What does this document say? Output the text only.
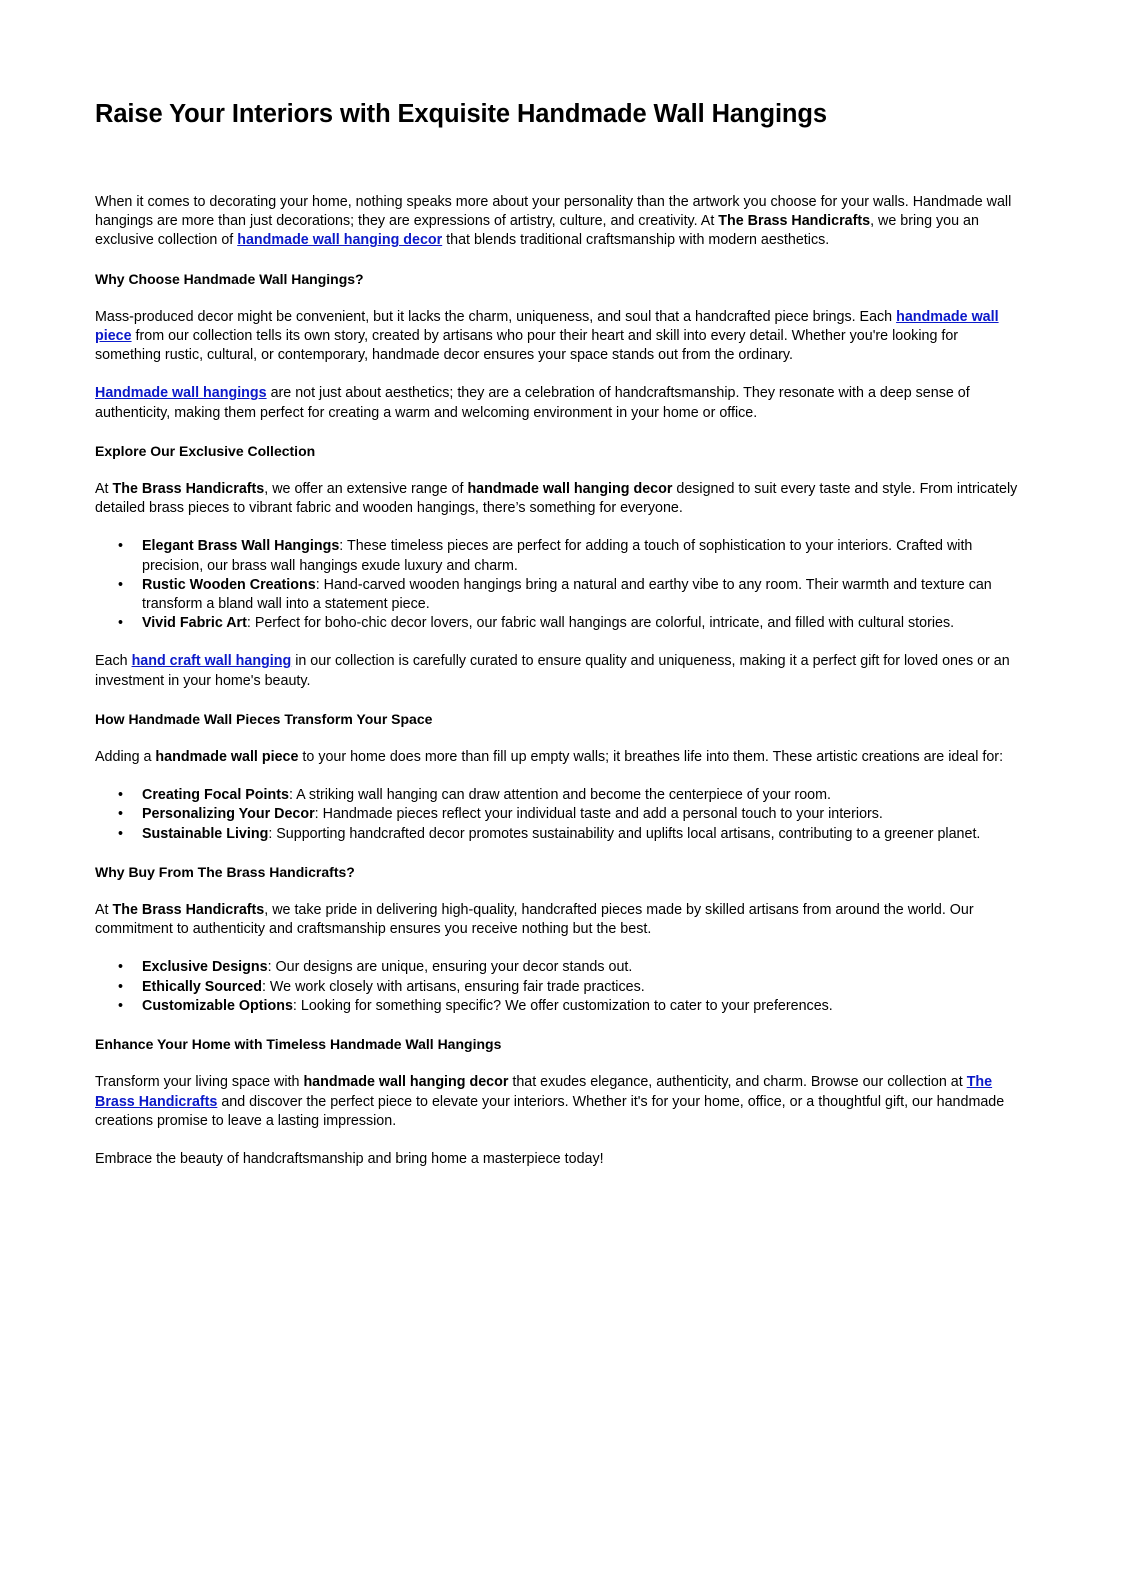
Raise Your Interiors with Exquisite Handmade Wall Hangings

When it comes to decorating your home, nothing speaks more about your personality than the artwork you choose for your walls. Handmade wall hangings are more than just decorations; they are expressions of artistry, culture, and creativity. At The Brass Handicrafts, we bring you an exclusive collection of handmade wall hanging decor that blends traditional craftsmanship with modern aesthetics.

Why Choose Handmade Wall Hangings?

Mass-produced decor might be convenient, but it lacks the charm, uniqueness, and soul that a handcrafted piece brings. Each handmade wall piece from our collection tells its own story, created by artisans who pour their heart and skill into every detail. Whether you're looking for something rustic, cultural, or contemporary, handmade decor ensures your space stands out from the ordinary.

Handmade wall hangings are not just about aesthetics; they are a celebration of handcraftsmanship. They resonate with a deep sense of authenticity, making them perfect for creating a warm and welcoming environment in your home or office.

Explore Our Exclusive Collection

At The Brass Handicrafts, we offer an extensive range of handmade wall hanging decor designed to suit every taste and style. From intricately detailed brass pieces to vibrant fabric and wooden hangings, there’s something for everyone.

• Elegant Brass Wall Hangings: These timeless pieces are perfect for adding a touch of sophistication to your interiors. Crafted with precision, our brass wall hangings exude luxury and charm.
• Rustic Wooden Creations: Hand-carved wooden hangings bring a natural and earthy vibe to any room. Their warmth and texture can transform a bland wall into a statement piece.
• Vivid Fabric Art: Perfect for boho-chic decor lovers, our fabric wall hangings are colorful, intricate, and filled with cultural stories.

Each hand craft wall hanging in our collection is carefully curated to ensure quality and uniqueness, making it a perfect gift for loved ones or an investment in your home's beauty.

How Handmade Wall Pieces Transform Your Space

Adding a handmade wall piece to your home does more than fill up empty walls; it breathes life into them. These artistic creations are ideal for:

• Creating Focal Points: A striking wall hanging can draw attention and become the centerpiece of your room.
• Personalizing Your Decor: Handmade pieces reflect your individual taste and add a personal touch to your interiors.
• Sustainable Living: Supporting handcrafted decor promotes sustainability and uplifts local artisans, contributing to a greener planet.

Why Buy From The Brass Handicrafts?

At The Brass Handicrafts, we take pride in delivering high-quality, handcrafted pieces made by skilled artisans from around the world. Our commitment to authenticity and craftsmanship ensures you receive nothing but the best.

• Exclusive Designs: Our designs are unique, ensuring your decor stands out.
• Ethically Sourced: We work closely with artisans, ensuring fair trade practices.
• Customizable Options: Looking for something specific? We offer customization to cater to your preferences.

Enhance Your Home with Timeless Handmade Wall Hangings

Transform your living space with handmade wall hanging decor that exudes elegance, authenticity, and charm. Browse our collection at The Brass Handicrafts and discover the perfect piece to elevate your interiors. Whether it's for your home, office, or a thoughtful gift, our handmade creations promise to leave a lasting impression.

Embrace the beauty of handcraftsmanship and bring home a masterpiece today!
